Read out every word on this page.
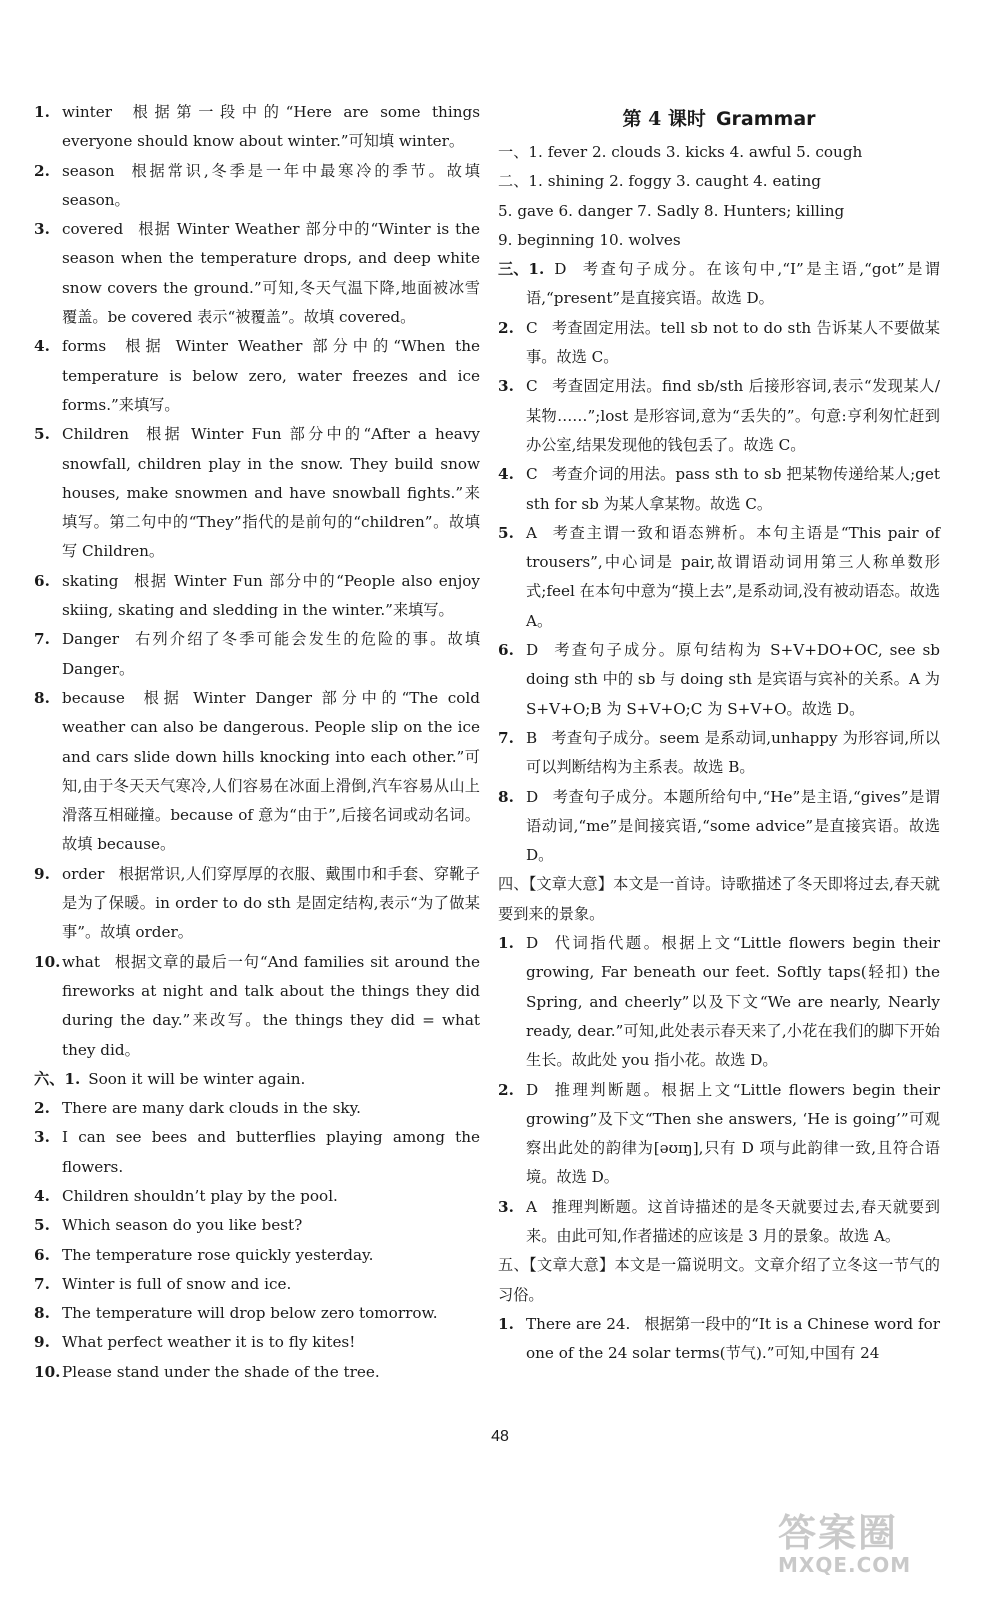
1. winter 根据第一段中的“Here are some things everyone should know about winter.”可知填 winter。

2. season 根据常识,冬季是一年中最寒冷的季节。故填 season。

3. covered 根据 Winter Weather 部分中的“Winter is the season when the temperature drops, and deep white snow covers the ground.”可知,冬天气温下降,地面被冰雪覆盖。be covered 表示“被覆盖”。故填 covered。

4. forms 根据 Winter Weather 部分中的“When the temperature is below zero, water freezes and ice forms.”来填写。

5. Children 根据 Winter Fun 部分中的“After a heavy snowfall, children play in the snow. They build snow houses, make snowmen and have snowball fights.”来填写。第二句中的“They”指代的是前句的“children”。故填写 Children。

6. skating 根据 Winter Fun 部分中的“People also enjoy skiing, skating and sledding in the winter.”来填写。

7. Danger 右列介绍了冬季可能会发生的危险的事。故填 Danger。

8. because 根据 Winter Danger 部分中的“The cold weather can also be dangerous. People slip on the ice and cars slide down hills knocking into each other.”可知,由于冬天天气寒冷,人们容易在冰面上滑倒,汽车容易从山上滑落互相碰撞。because of 意为“由于”,后接名词或动名词。故填 because。

9. order 根据常识,人们穿厚厚的衣服、戴围巾和手套、穿靴子是为了保暖。in order to do sth 是固定结构,表示“为了做某事”。故填 order。

10. what 根据文章的最后一句“And families sit around the fireworks at night and talk about the things they did during the day.”来改写。the things they did = what they did。

六、1. Soon it will be winter again.

2. There are many dark clouds in the sky.

3. I can see bees and butterflies playing among the flowers.

4. Children shouldn’t play by the pool.

5. Which season do you like best?

6. The temperature rose quickly yesterday.

7. Winter is full of snow and ice.

8. The temperature will drop below zero tomorrow.

9. What perfect weather it is to fly kites!

10. Please stand under the shade of the tree.

第 4 课时 Grammar

一、1. fever 2. clouds 3. kicks 4. awful 5. cough

二、1. shining 2. foggy 3. caught 4. eating

5. gave 6. danger 7. Sadly 8. Hunters; killing

9. beginning 10. wolves

三、1. D 考查句子成分。在该句中,“I”是主语,“got”是谓语,“present”是直接宾语。故选 D。

2. C 考查固定用法。tell sb not to do sth 告诉某人不要做某事。故选 C。

3. C 考查固定用法。find sb/sth 后接形容词,表示“发现某人/某物……”;lost 是形容词,意为“丢失的”。句意:亨利匆忙赶到办公室,结果发现他的钱包丢了。故选 C。

4. C 考查介词的用法。pass sth to sb 把某物传递给某人;get sth for sb 为某人拿某物。故选 C。

5. A 考查主谓一致和语态辨析。本句主语是“This pair of trousers”,中心词是 pair,故谓语动词用第三人称单数形式;feel 在本句中意为“摸上去”,是系动词,没有被动语态。故选 A。

6. D 考查句子成分。原句结构为 S+V+DO+OC, see sb doing sth 中的 sb 与 doing sth 是宾语与宾补的关系。A 为 S+V+O;B 为 S+V+O;C 为 S+V+O。故选 D。

7. B 考查句子成分。seem 是系动词,unhappy 为形容词,所以可以判断结构为主系表。故选 B。

8. D 考查句子成分。本题所给句中,“He”是主语,“gives”是谓语动词,“me”是间接宾语,“some advice”是直接宾语。故选 D。

四、【文章大意】本文是一首诗。诗歌描述了冬天即将过去,春天就要到来的景象。

1. D 代词指代题。根据上文“Little flowers begin their growing, Far beneath our feet. Softly taps(轻扣) the Spring, and cheerly”以及下文“We are nearly, Nearly ready, dear.”可知,此处表示春天来了,小花在我们的脚下开始生长。故此处 you 指小花。故选 D。

2. D 推理判断题。根据上文“Little flowers begin their growing”及下文“Then she answers, ‘He is going’”可观察出此处的韵律为[əʊɪŋ],只有 D 项与此韵律一致,且符合语境。故选 D。

3. A 推理判断题。这首诗描述的是冬天就要过去,春天就要到来。由此可知,作者描述的应该是 3 月的景象。故选 A。

五、【文章大意】本文是一篇说明文。文章介绍了立冬这一节气的习俗。

1. There are 24. 根据第一段中的“It is a Chinese word for one of the 24 solar terms(节气).”可知,中国有 24

48
答案圈
MXQE.COM
